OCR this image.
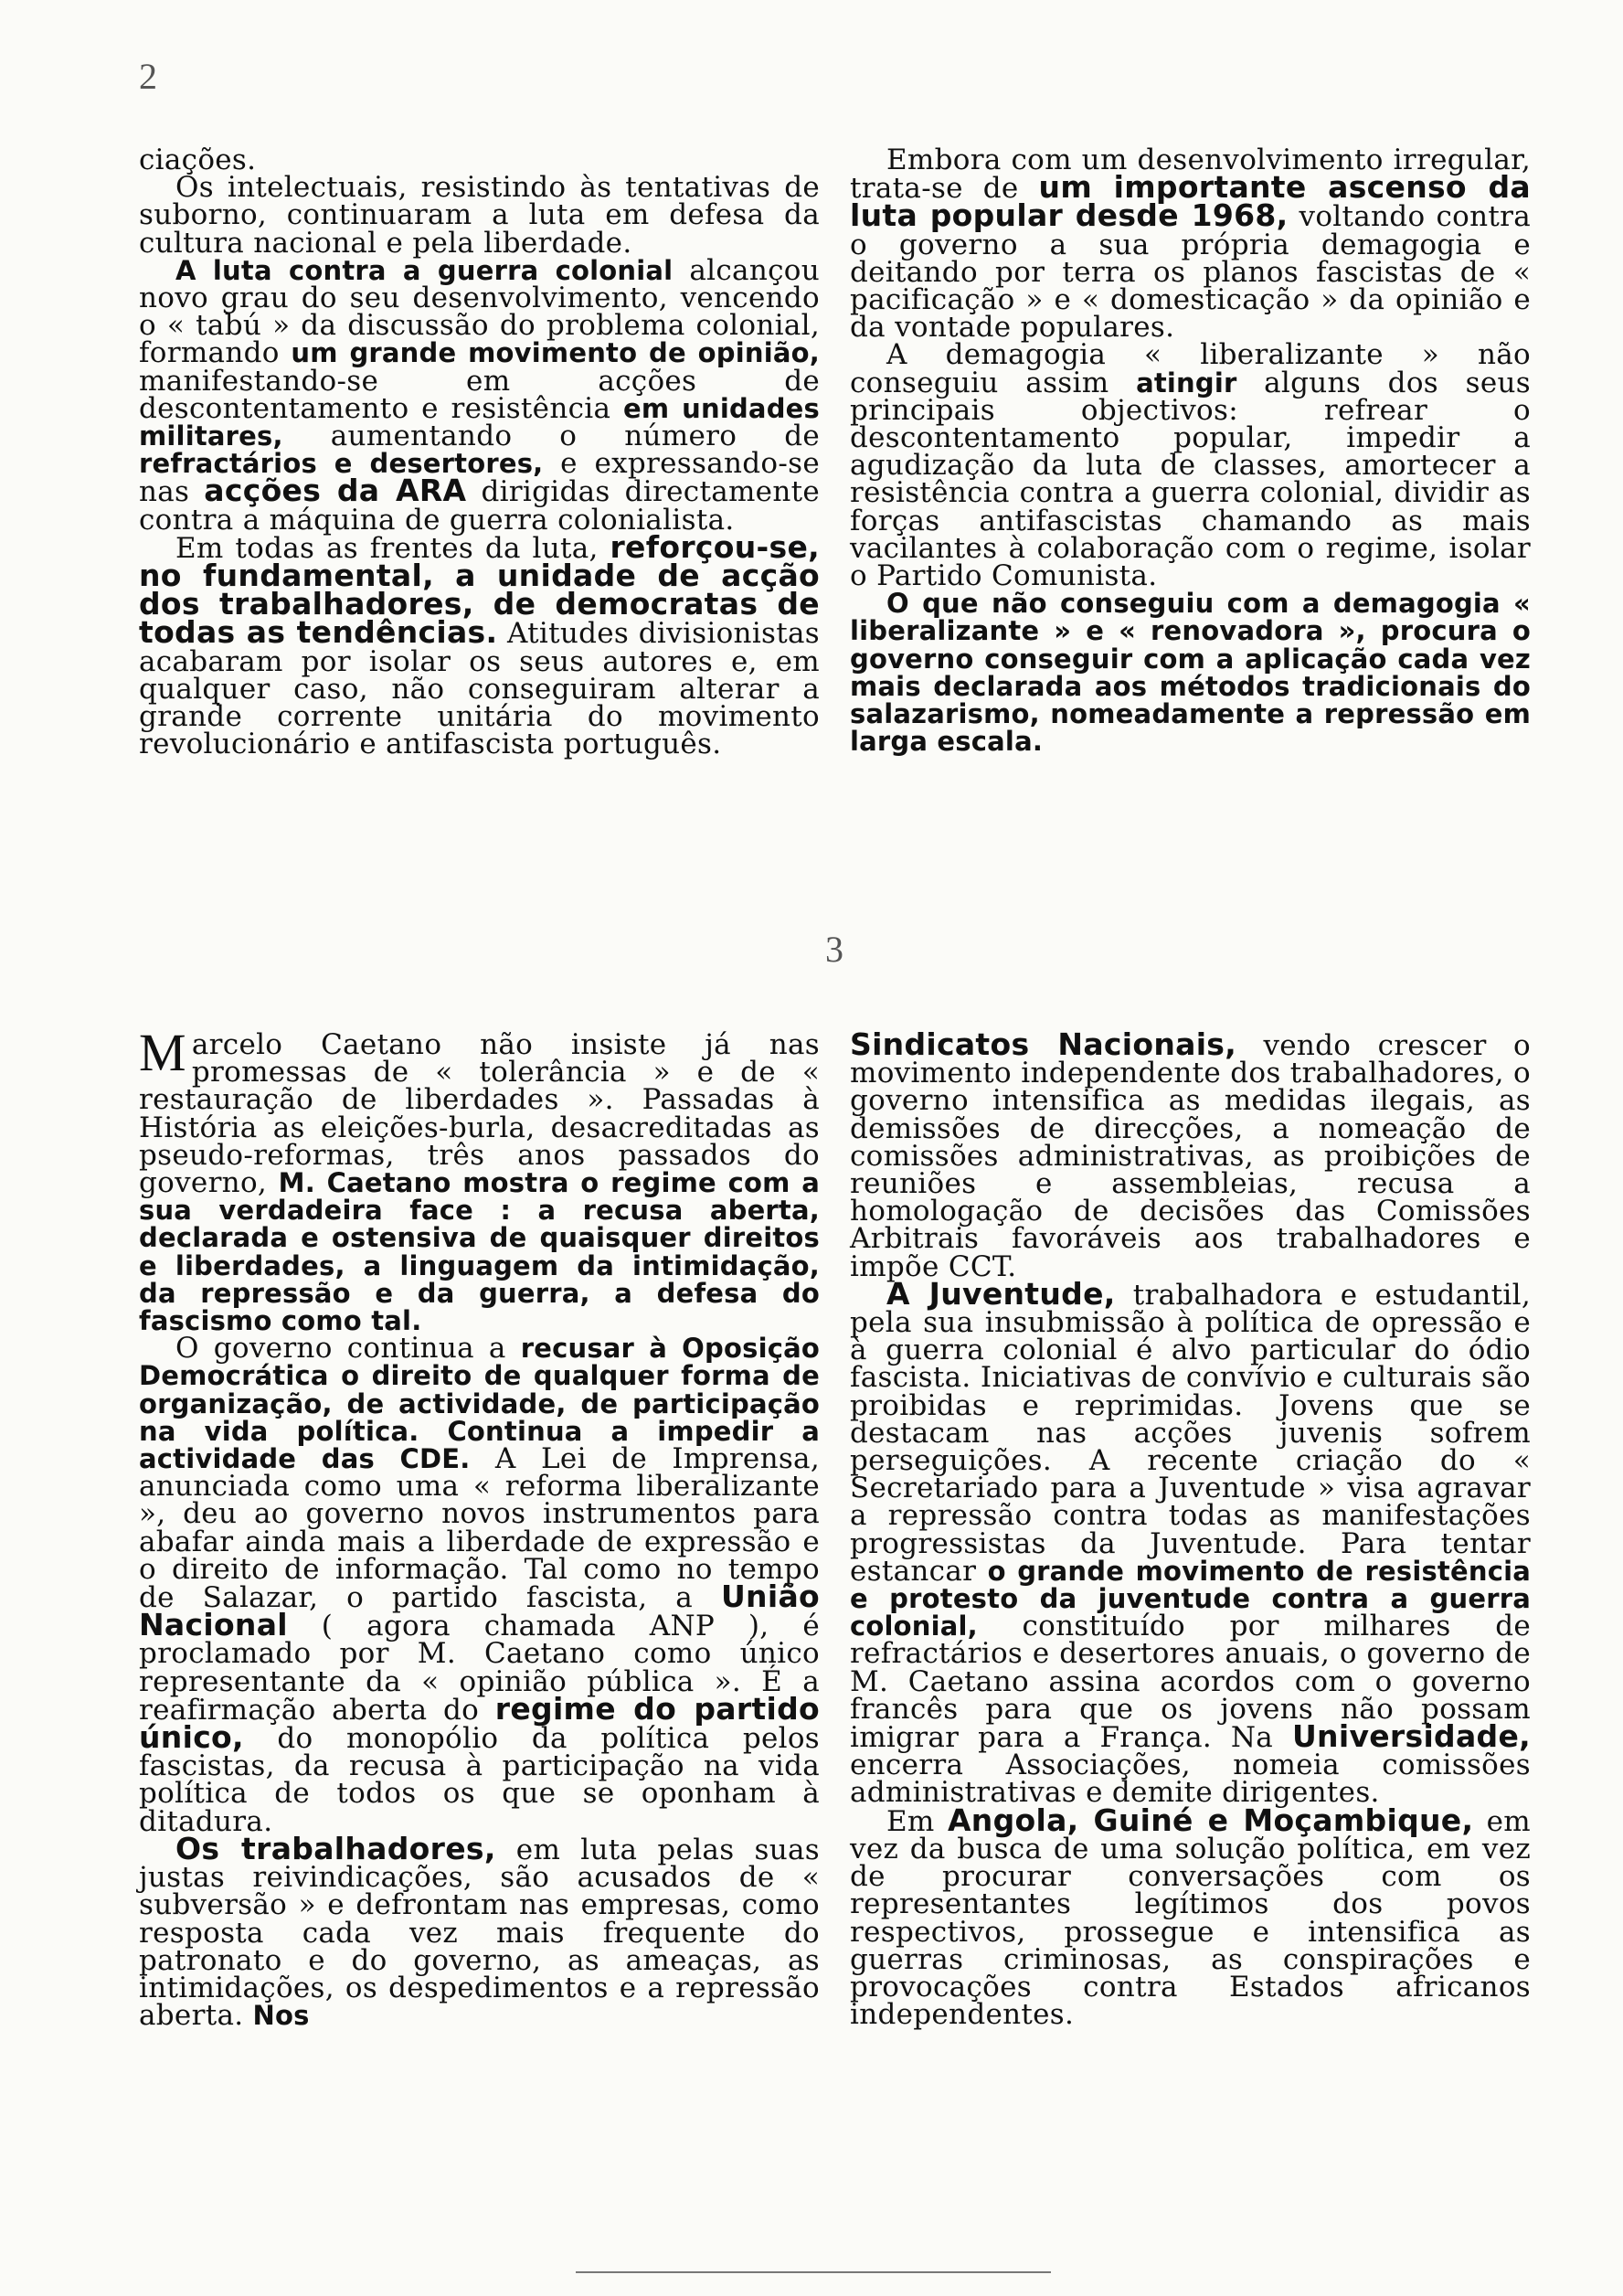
2
3

ciações.

Os intelectuais, resistindo às tentativas de suborno, continuaram a luta em defesa da cultura nacional e pela liberdade.

A luta contra a guerra colonial alcançou novo grau do seu desenvolvimento, vencendo o « tabú » da discussão do problema colonial, formando um grande movimento de opinião, manifestando-se em acções de descontentamento e resistência em unidades militares, aumentando o número de refractários e desertores, e expressando-se nas acções da ARA dirigidas directamente contra a máquina de guerra colonialista.

Em todas as frentes da luta, reforçou-se, no fundamental, a unidade de acção dos trabalhadores, de democratas de todas as tendências. Atitudes divisionistas acabaram por isolar os seus autores e, em qualquer caso, não conseguiram alterar a grande corrente unitária do movimento revolucionário e antifascista português.

Embora com um desenvolvimento irregular, trata-se de um importante ascenso da luta popular desde 1968, voltando contra o governo a sua própria demagogia e deitando por terra os planos fascistas de « pacificação » e « domesticação » da opinião e da vontade populares.

A demagogia « liberalizante » não conseguiu assim atingir alguns dos seus principais objectivos: refrear o descontentamento popular, impedir a agudização da luta de classes, amortecer a resistência contra a guerra colonial, dividir as forças antifascistas chamando as mais vacilantes à colaboração com o regime, isolar o Partido Comunista.

O que não conseguiu com a demagogia « liberalizante » e « renovadora », procura o governo conseguir com a aplicação cada vez mais declarada aos métodos tradicionais do salazarismo, nomeadamente a repressão em larga escala.

Marcelo Caetano não insiste já nas promessas de « tolerância » e de « restauração de liberdades ». Passadas à História as eleições-burla, desacreditadas as pseudo-reformas, três anos passados do governo, M. Caetano mostra o regime com a sua verdadeira face : a recusa aberta, declarada e ostensiva de quaisquer direitos e liberdades, a linguagem da intimidação, da repressão e da guerra, a defesa do fascismo como tal.

O governo continua a recusar à Oposição Democrática o direito de qualquer forma de organização, de actividade, de participação na vida política. Continua a impedir a actividade das CDE. A Lei de Imprensa, anunciada como uma « reforma liberalizante », deu ao governo novos instrumentos para abafar ainda mais a liberdade de expressão e o direito de informação. Tal como no tempo de Salazar, o partido fascista, a União Nacional ( agora chamada ANP ), é proclamado por M. Caetano como único representante da « opinião pública ». É a reafirmação aberta do regime do partido único, do monopólio da política pelos fascistas, da recusa à participação na vida política de todos os que se oponham à ditadura.

Os trabalhadores, em luta pelas suas justas reivindicações, são acusados de « subversão » e defrontam nas empresas, como resposta cada vez mais frequente do patronato e do governo, as ameaças, as intimidações, os despedimentos e a repressão aberta. Nos

Sindicatos Nacionais, vendo crescer o movimento independente dos trabalhadores, o governo intensifica as medidas ilegais, as demissões de direcções, a nomeação de comissões administrativas, as proibições de reuniões e assembleias, recusa a homologação de decisões das Comissões Arbitrais favoráveis aos trabalhadores e impõe CCT.

A Juventude, trabalhadora e estudantil, pela sua insubmissão à política de opressão e à guerra colonial é alvo particular do ódio fascista. Iniciativas de convívio e culturais são proibidas e reprimidas. Jovens que se destacam nas acções juvenis sofrem perseguições. A recente criação do « Secretariado para a Juventude » visa agravar a repressão contra todas as manifestações progressistas da Juventude. Para tentar estancar o grande movimento de resistência e protesto da juventude contra a guerra colonial, constituído por milhares de refractários e desertores anuais, o governo de M. Caetano assina acordos com o governo francês para que os jovens não possam imigrar para a França. Na Universidade, encerra Associações, nomeia comissões administrativas e demite dirigentes.

Em Angola, Guiné e Moçambique, em vez da busca de uma solução política, em vez de procurar conversações com os representantes legítimos dos povos respectivos, prossegue e intensifica as guerras criminosas, as conspirações e provocações contra Estados africanos independentes.
